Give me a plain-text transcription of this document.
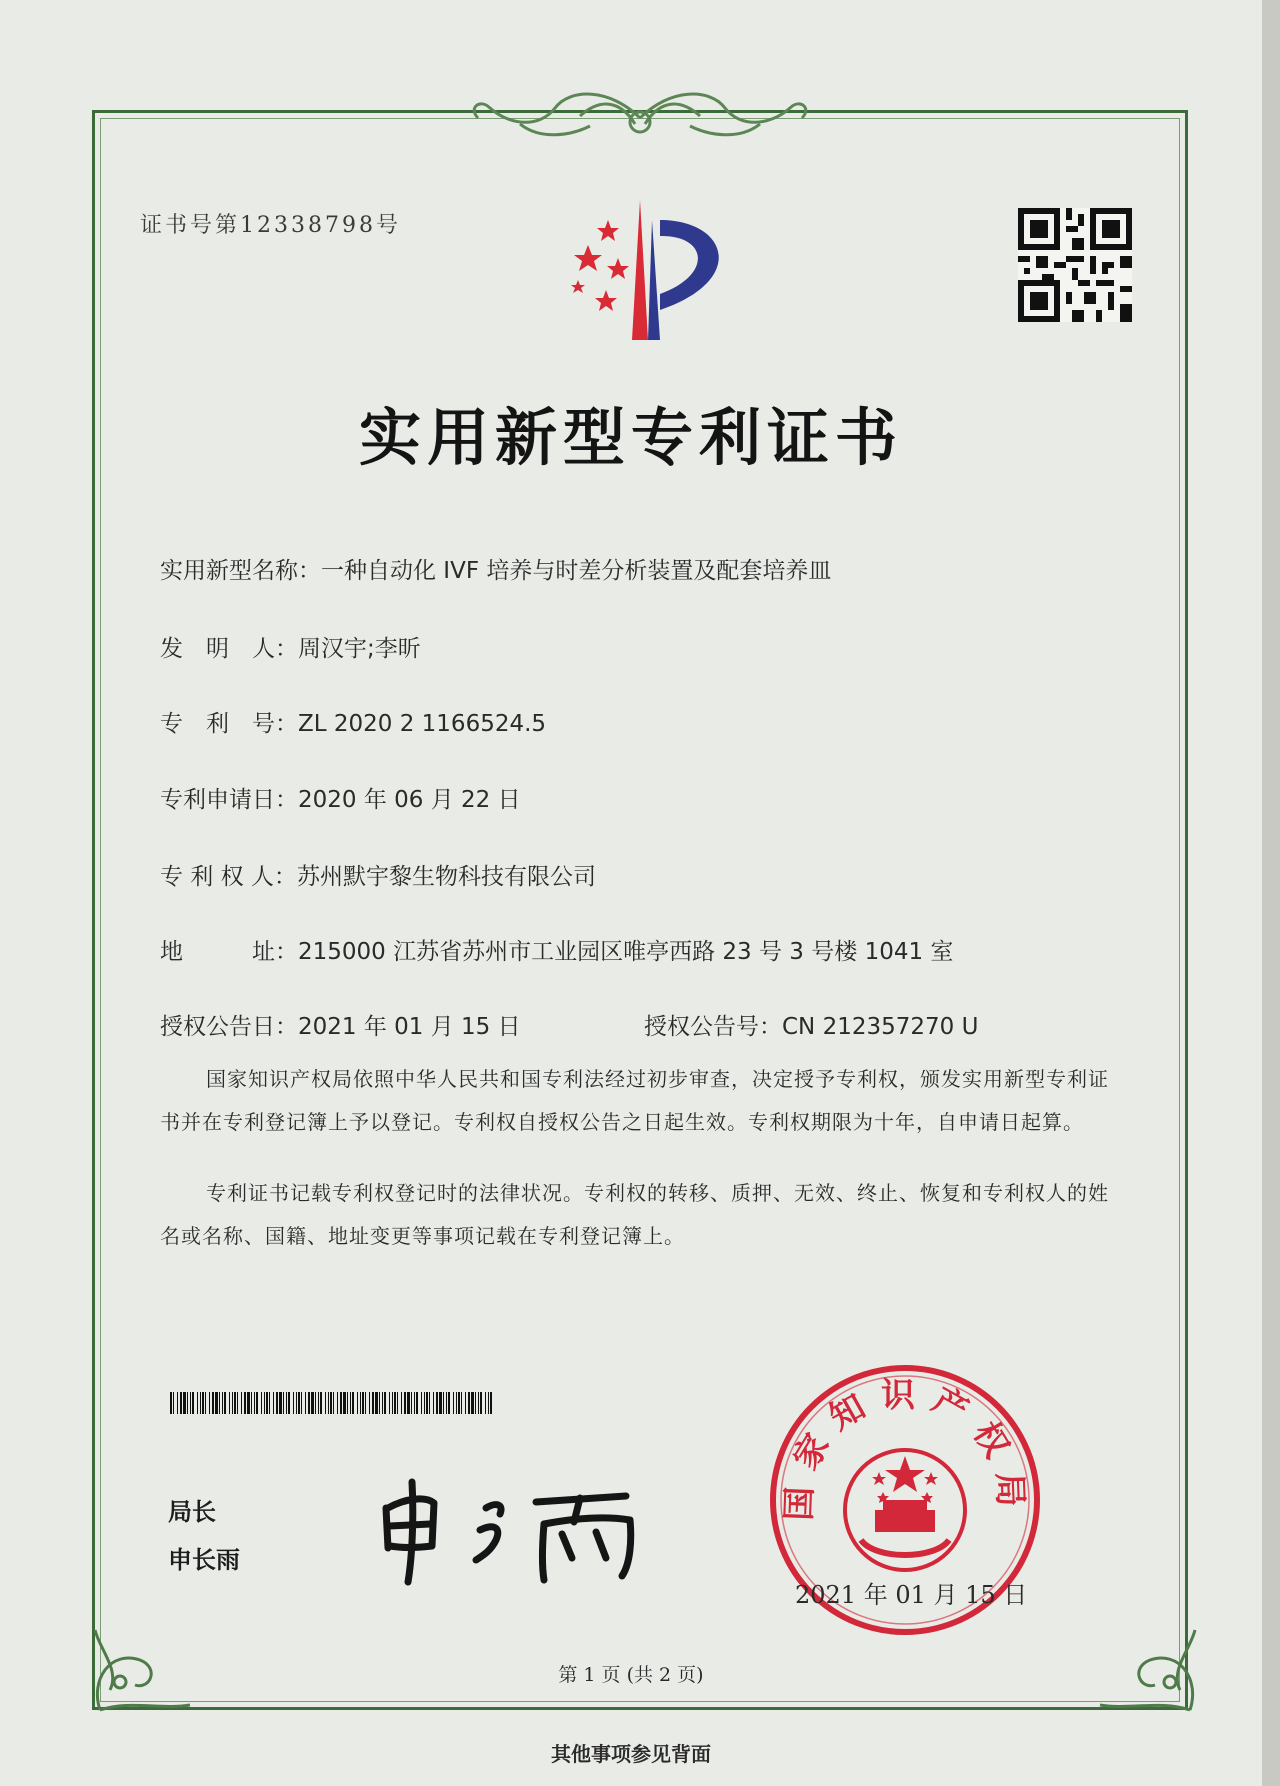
证书号第12338798号
实用新型专利证书
实用新型名称：一种自动化 IVF 培养与时差分析装置及配套培养皿
发　明　人：周汉宇;李昕
专　利　号：ZL 2020 2 1166524.5
专利申请日：2020 年 06 月 22 日
专 利 权 人：苏州默宇黎生物科技有限公司
地　　　址：215000 江苏省苏州市工业园区唯亭西路 23 号 3 号楼 1041 室
授权公告日：2021 年 01 月 15 日	授权公告号：CN 212357270 U
国家知识产权局依照中华人民共和国专利法经过初步审查，决定授予专利权，颁发实用新型专利证书并在专利登记簿上予以登记。专利权自授权公告之日起生效。专利权期限为十年，自申请日起算。
专利证书记载专利权登记时的法律状况。专利权的转移、质押、无效、终止、恢复和专利权人的姓名或名称、国籍、地址变更等事项记载在专利登记簿上。
局长
申长雨
国家知识产权局
2021 年 01 月 15 日
第 1 页 (共 2 页)
其他事项参见背面
